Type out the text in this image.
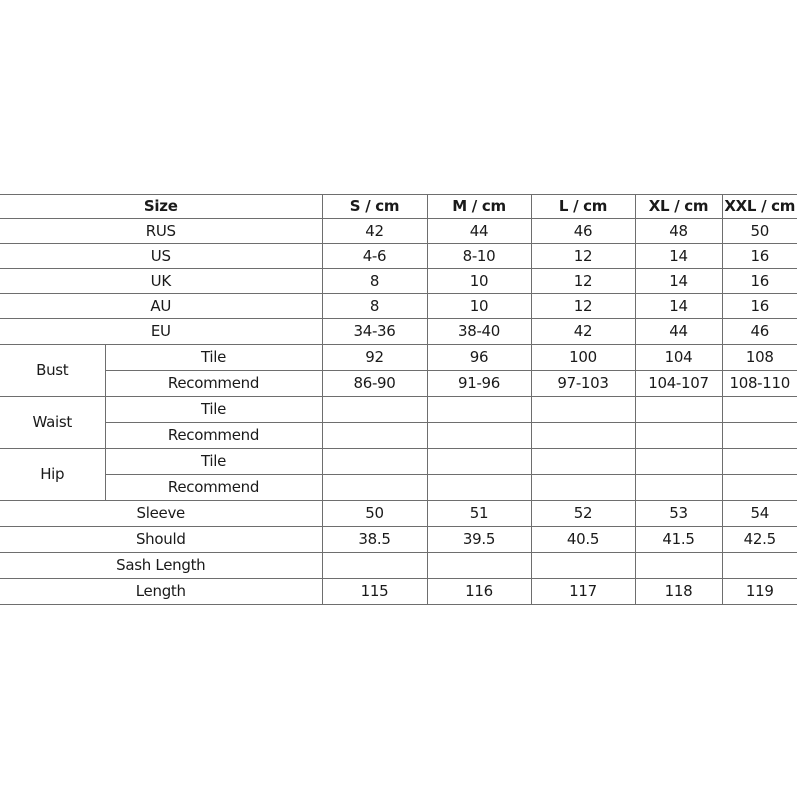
Size		S / cm	M / cm	L / cm	XL / cm	XXL / cm
RUS		42	44	46	48	50
US		4-6	8-10	12	14	16
UK		8	10	12	14	16
AU		8	10	12	14	16
EU		34-36	38-40	42	44	46
Bust	Tile	92	96	100	104	108
	Recommend	86-90	91-96	97-103	104-107	108-110
Waist	Tile					
	Recommend					
Hip	Tile					
	Recommend					
Sleeve		50	51	52	53	54
Should		38.5	39.5	40.5	41.5	42.5
Sash Length						
Length		115	116	117	118	119
